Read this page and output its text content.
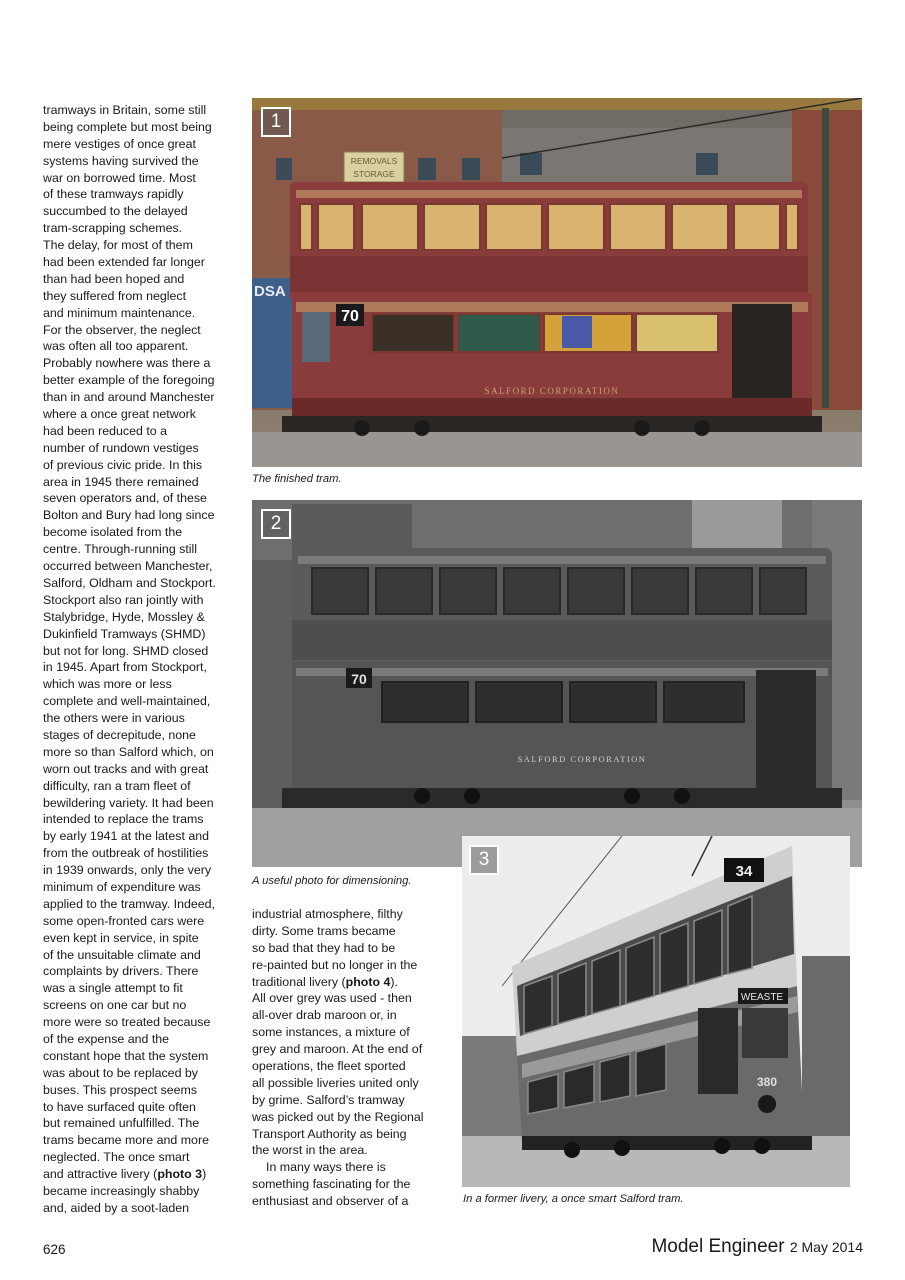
tramways in Britain, some still
being complete but most being
mere vestiges of once great
systems having survived the
war on borrowed time. Most
of these tramways rapidly
succumbed to the delayed
tram-scrapping schemes.
The delay, for most of them
had been extended far longer
than had been hoped and
they suffered from neglect
and minimum maintenance.
For the observer, the neglect
was often all too apparent.
Probably nowhere was there a
better example of the foregoing
than in and around Manchester
where a once great network
had been reduced to a
number of rundown vestiges
of previous civic pride. In this
area in 1945 there remained
seven operators and, of these
Bolton and Bury had long since
become isolated from the
centre. Through-running still
occurred between Manchester,
Salford, Oldham and Stockport.
Stockport also ran jointly with
Stalybridge, Hyde, Mossley &
Dukinfield Tramways (SHMD)
but not for long. SHMD closed
in 1945. Apart from Stockport,
which was more or less
complete and well-maintained,
the others were in various
stages of decrepitude, none
more so than Salford which, on
worn out tracks and with great
difficulty, ran a tram fleet of
bewildering variety. It had been
intended to replace the trams
by early 1941 at the latest and
from the outbreak of hostilities
in 1939 onwards, only the very
minimum of expenditure was
applied to the tramway. Indeed,
some open-fronted cars were
even kept in service, in spite
of the unsuitable climate and
complaints by drivers. There
was a single attempt to fit
screens on one car but no
more were so treated because
of the expense and the
constant hope that the system
was about to be replaced by
buses. This prospect seems
to have surfaced quite often
but remained unfulfilled. The
trams became more and more
neglected. The once smart
and attractive livery (photo 3)
became increasingly shabby
and, aided by a soot-laden
industrial atmosphere, filthy
dirty. Some trams became
so bad that they had to be
re-painted but no longer in the
traditional livery (photo 4).
All over grey was used - then
all-over drab maroon or, in
some instances, a mixture of
grey and maroon. At the end of
operations, the fleet sported
all possible liveries united only
by grime. Salford’s tramway
was picked out by the Regional
Transport Authority as being
the worst in the area.
In many ways there is
something fascinating for the
enthusiast and observer of a
REMOVALS
STORAGE
DSA
70
SALFORD CORPORATION
1
The finished tram.
70
SALFORD CORPORATION
2
A useful photo for dimensioning.
34
WEASTE
380
3
In a former livery, a once smart Salford tram.
626	Model Engineer 2 May 2014
